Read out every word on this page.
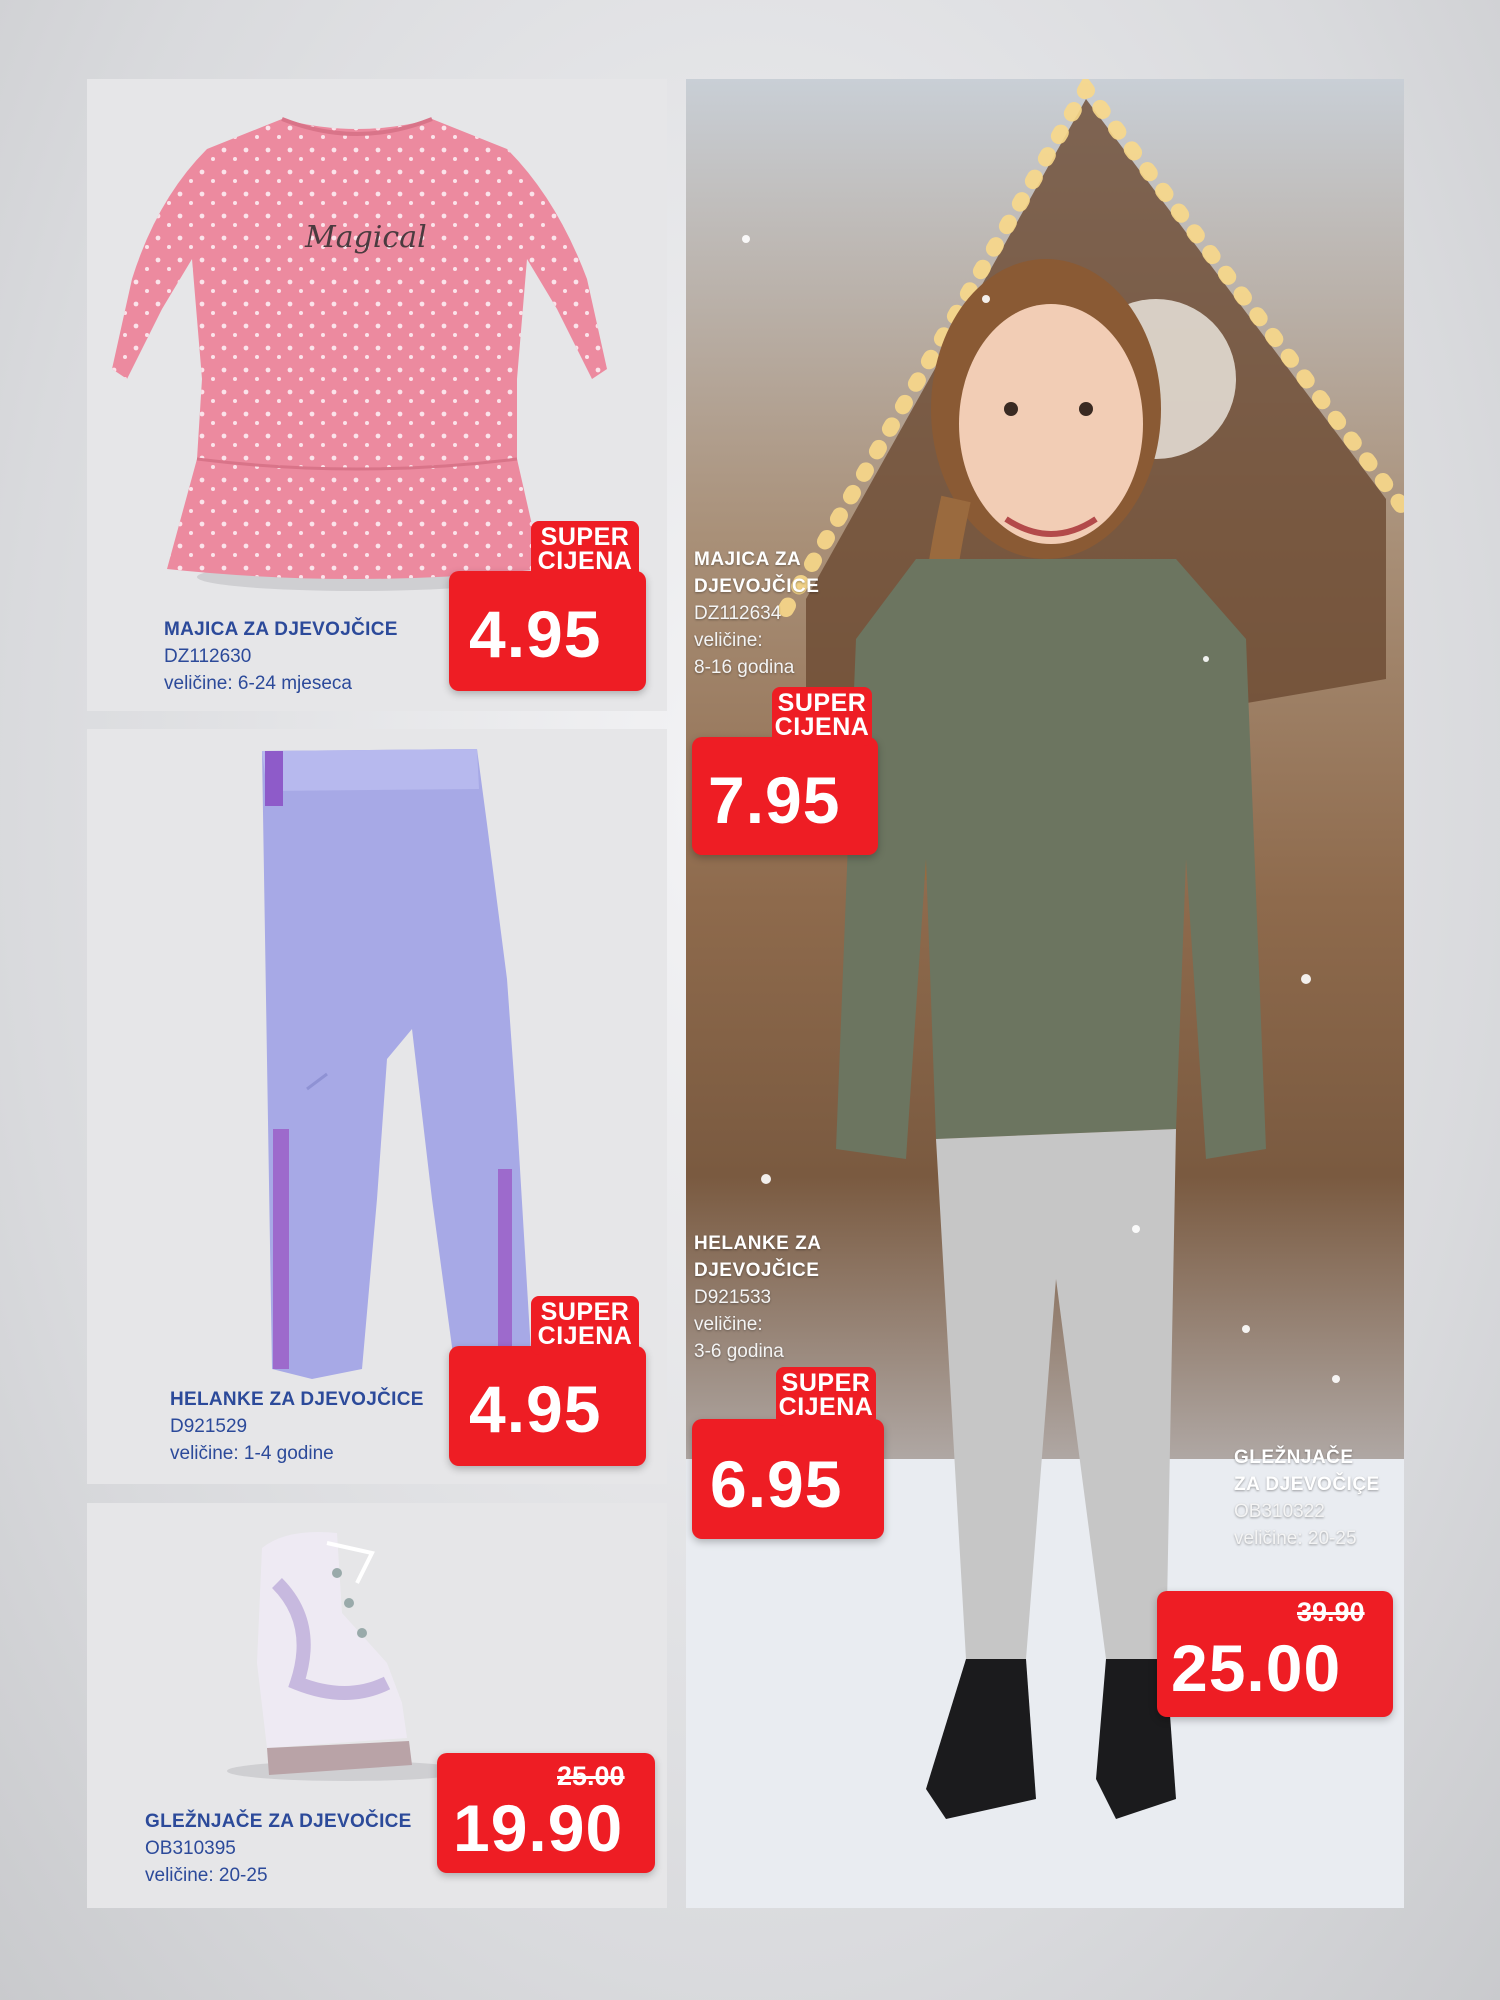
Magical
MAJICA ZA DJEVOJČICE
DZ112630
veličine: 6-24 mjeseca
SUPER
CIJENA
4.95
HELANKE ZA DJEVOJČICE
D921529
veličine: 1-4 godine
SUPER
CIJENA
4.95
GLEŽNJAČE ZA DJEVOČICE
OB310395
veličine: 20-25
25.00
19.90
MAJICA ZA
DJEVOJČICE
DZ112634
veličine:
8-16 godina
SUPER
CIJENA
7.95
HELANKE ZA
DJEVOJČICE
D921533
veličine:
3-6 godina
SUPER
CIJENA
6.95	GLEŽNJAČE
ZA DJEVOČIÇE
OB310322
veličine: 20-25
39.90
25.00
